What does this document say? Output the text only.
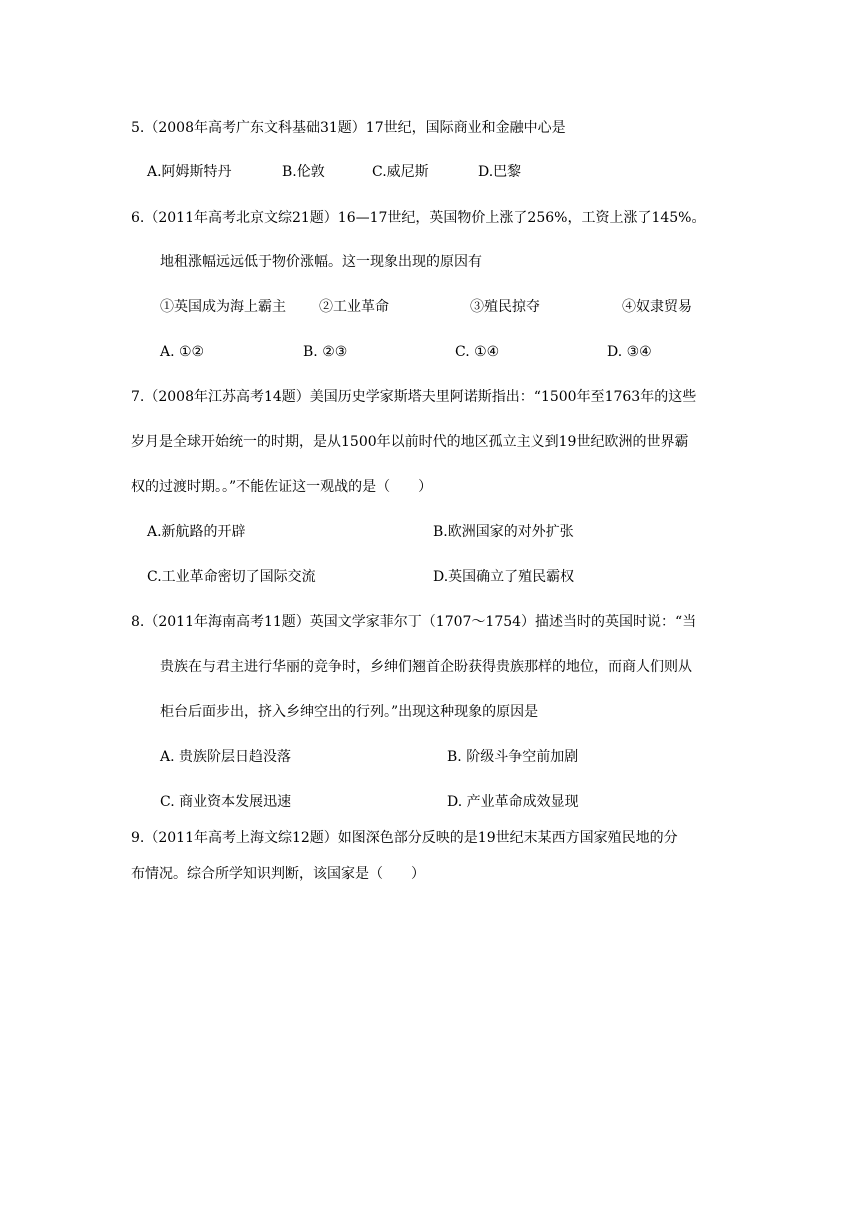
5.（2008年高考广东文科基础31题）17世纪，国际商业和金融中心是
A.阿姆斯特丹	B.伦敦	C.威尼斯	D.巴黎
6.（2011年高考北京文综21题）16—17世纪，英国物价上涨了256%，工资上涨了145%。
地租涨幅远远低于物价涨幅。这一现象出现的原因有
①英国成为海上霸主 ②工业革命	③殖民掠夺	④奴隶贸易
A. ①②	B. ②③	C. ①④	D. ③④
7.（2008年江苏高考14题）美国历史学家斯塔夫里阿诺斯指出：“1500年至1763年的这些
岁月是全球开始统一的时期，是从1500年以前时代的地区孤立主义到19世纪欧洲的世界霸
权的过渡时期。。”不能佐证这一观战的是（　　）
A.新航路的开辟	B.欧洲国家的对外扩张
C.工业革命密切了国际交流	D.英国确立了殖民霸权
8.（2011年海南高考11题）英国文学家菲尔丁（1707～1754）描述当时的英国时说：“当
贵族在与君主进行华丽的竞争时，乡绅们翘首企盼获得贵族那样的地位，而商人们则从
柜台后面步出，挤入乡绅空出的行列。”出现这种现象的原因是
A. 贵族阶层日趋没落	B. 阶级斗争空前加剧
C. 商业资本发展迅速	D. 产业革命成效显现
9.（2011年高考上海文综12题）如图深色部分反映的是19世纪末某西方国家殖民地的分
布情况。综合所学知识判断，该国家是（　　）
